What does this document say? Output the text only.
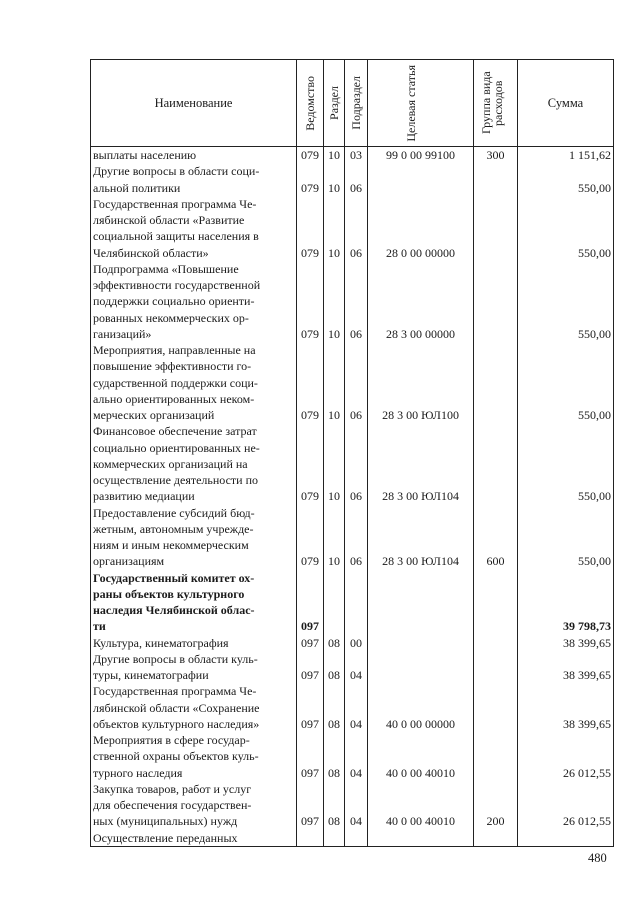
Наименование	Ведомство	Раздел	Подраздел	Целевая статья	Группа вида расходов	Сумма

выплаты населению	079	10	03	99 0 00 99100	300	1 151,62

Другие вопросы в области соци-
альной политики	079	10	06			550,00

Государственная программа Че-
лябинской области «Развитие
социальной защиты населения в
Челябинской области»	079	10	06	28 0 00 00000		550,00

Подпрограмма «Повышение
эффективности государственной
поддержки социально ориенти-
рованных некоммерческих ор-
ганизаций»	079	10	06	28 3 00 00000		550,00

Мероприятия, направленные на
повышение эффективности го-
сударственной поддержки соци-
ально ориентированных неком-
мерческих организаций	079	10	06	28 3 00 ЮЛ100		550,00

Финансовое обеспечение затрат
социально ориентированных не-
коммерческих организаций на
осуществление деятельности по
развитию медиации	079	10	06	28 3 00 ЮЛ104		550,00

Предоставление субсидий бюд-
жетным, автономным учрежде-
ниям и иным некоммерческим
организациям	079	10	06	28 3 00 ЮЛ104	600	550,00

Государственный комитет ох-
раны объектов культурного
наследия Челябинской облас-
ти	097					39 798,73

Культура, кинематография	097	08	00			38 399,65

Другие вопросы в области куль-
туры, кинематографии	097	08	04			38 399,65

Государственная программа Че-
лябинской области «Сохранение
объектов культурного наследия»	097	08	04	40 0 00 00000		38 399,65

Мероприятия в сфере государ-
ственной охраны объектов куль-
турного наследия	097	08	04	40 0 00 40010		26 012,55

Закупка товаров, работ и услуг
для обеспечения государствен-
ных (муниципальных) нужд	097	08	04	40 0 00 40010	200	26 012,55

Осуществление переданных						

480
